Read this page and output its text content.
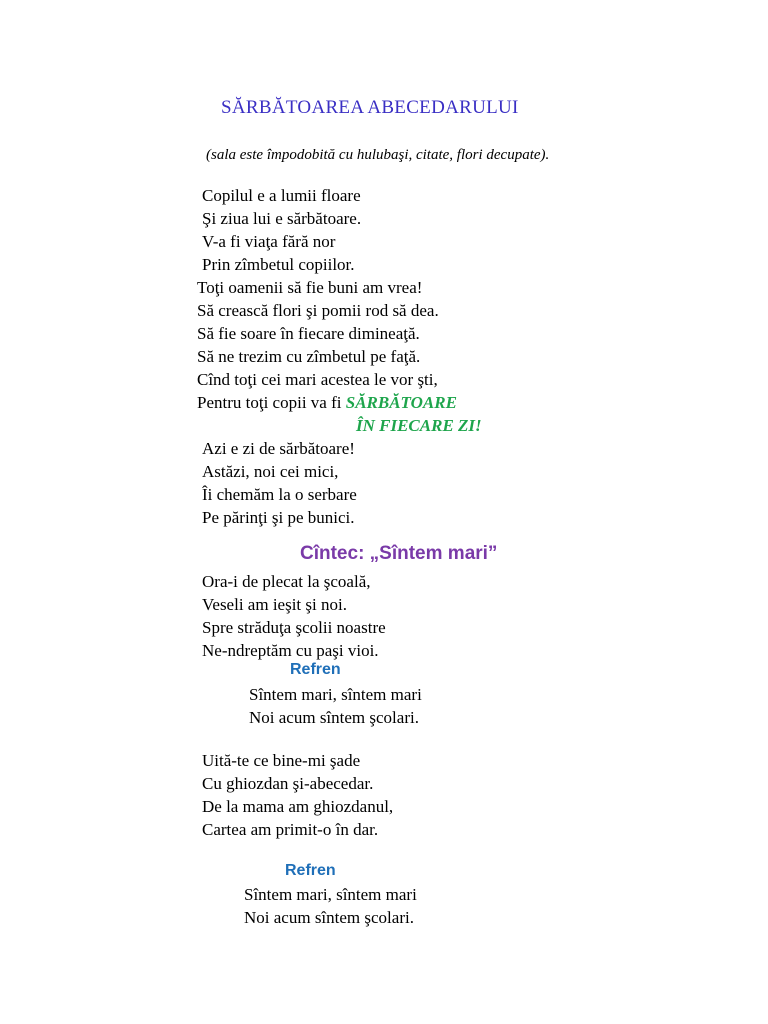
SĂRBĂTOAREA ABECEDARULUI
(sala este împodobită cu hulubaşi, citate, flori decupate).
Copilul e a lumii floare
Şi ziua lui e sărbătoare.
V-a fi viaţa fără nor
Prin zîmbetul copiilor.
Toţi oamenii să fie buni am vrea!
Să crească flori şi pomii rod să dea.
Să fie soare în fiecare dimineaţă.
Să ne trezim cu zîmbetul pe faţă.
Cînd toţi cei mari acestea le vor şti,
Pentru toţi copii va fi SĂRBĂTOARE
ÎN FIECARE ZI!
Azi e zi de sărbătoare!
Astăzi, noi cei mici,
Îi chemăm la o serbare
Pe părinţi şi pe bunici.
Cîntec: „Sîntem mari”
Ora-i de plecat la şcoală,
Veseli am ieşit şi noi.
Spre străduţa şcolii noastre
Ne-ndreptăm cu paşi vioi.
Refren
Sîntem mari, sîntem mari
Noi acum sîntem şcolari.
Uită-te ce bine-mi şade
Cu ghiozdan şi-abecedar.
De la mama am ghiozdanul,
Cartea am primit-o în dar.
Refren
Sîntem mari, sîntem mari
Noi acum sîntem şcolari.
